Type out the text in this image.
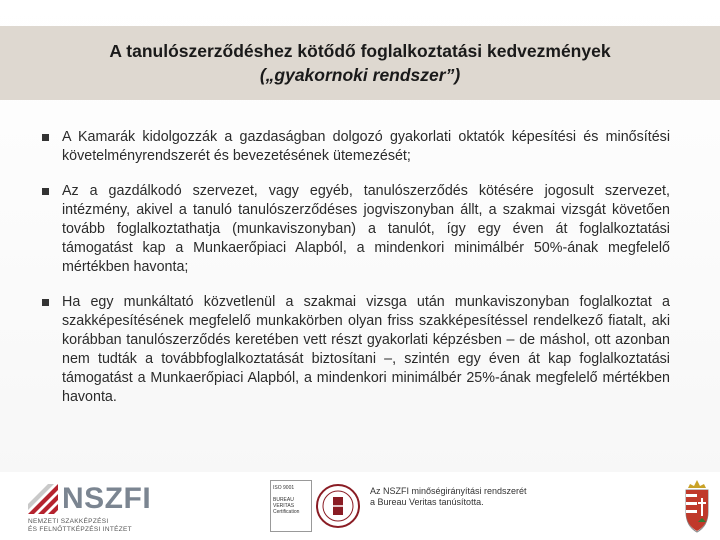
A tanulószerződéshez kötődő foglalkoztatási kedvezmények
(„gyakornoki rendszer”)
A Kamarák kidolgozzák a gazdaságban dolgozó gyakorlati oktatók képesítési és minősítési követelményrendszerét és bevezetésének ütemezését;
Az a gazdálkodó szervezet, vagy egyéb, tanulószerződés kötésére jogosult szervezet, intézmény, akivel a tanuló tanulószerződéses jogviszonyban állt, a szakmai vizsgát követően tovább foglalkoztathatja (munkaviszonyban) a tanulót, így egy éven át foglalkoztatási támogatást kap a Munkaerőpiaci Alapból, a mindenkori minimálbér 50%-ának megfelelő mértékben havonta;
Ha egy munkáltató közvetlenül a szakmai vizsga után munkaviszonyban foglalkoztat a szakképesítésének megfelelő munkakörben olyan friss szakképesítéssel rendelkező fiatalt, aki korábban tanulószerződés keretében vett részt gyakorlati képzésben – de máshol, ott azonban nem tudták a továbbfoglalkoztatását biztosítani –, szintén egy éven át kap foglalkoztatási támogatást a Munkaerőpiaci Alapból, a mindenkori minimálbér 25%-ának megfelelő mértékben havonta.
NSZFI
NEMZETI SZAKKÉPZÉSI
ÉS FELNŐTTKÉPZÉSI INTÉZET
ISO 9001
BUREAU VERITAS
Certification
Az NSZFI minőségirányítási rendszerét a Bureau Veritas tanúsította.
